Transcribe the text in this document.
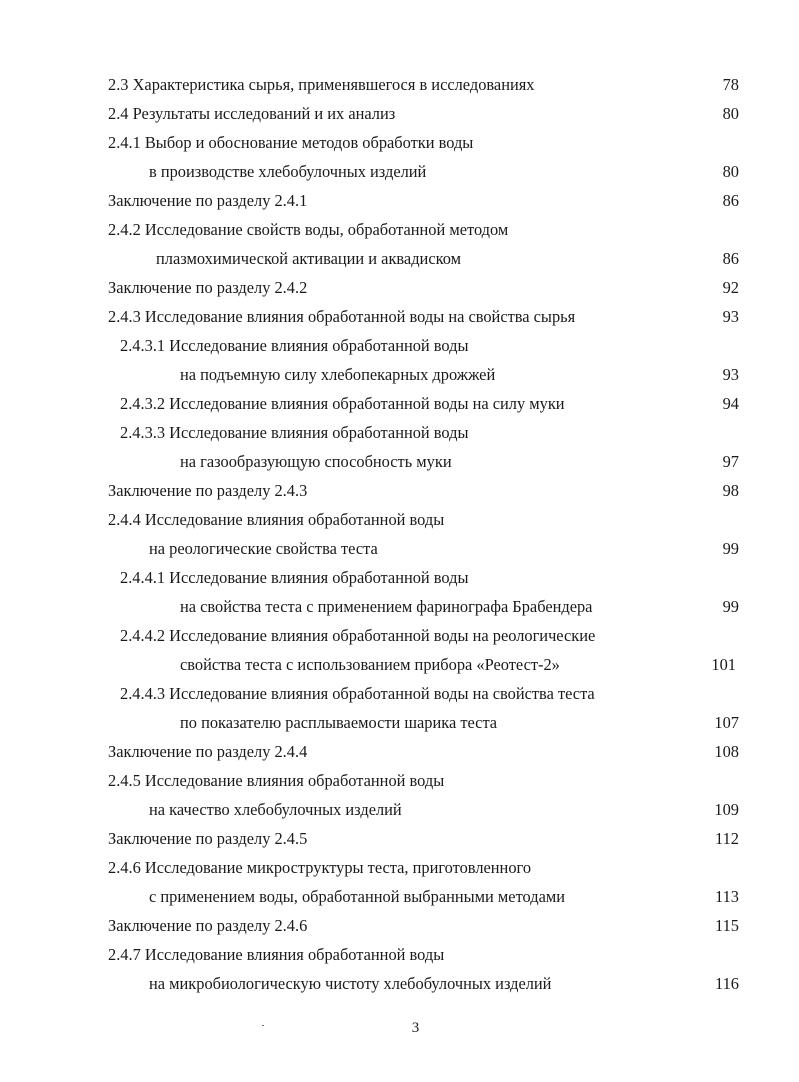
2.3 Характеристика сырья, применявшегося в исследованиях	78
2.4 Результаты исследований и их анализ	80
2.4.1 Выбор и обоснование методов обработки воды
в производстве хлебобулочных изделий	80
Заключение по разделу 2.4.1	86
2.4.2 Исследование свойств воды, обработанной методом
плазмохимической активации и аквадиском	86
Заключение по разделу 2.4.2	92
2.4.3 Исследование влияния обработанной воды на свойства сырья	93
2.4.3.1 Исследование влияния обработанной воды
на подъемную силу хлебопекарных дрожжей	93
2.4.3.2 Исследование влияния обработанной воды на силу муки	94
2.4.3.3 Исследование влияния обработанной воды
на газообразующую способность муки	97
Заключение по разделу 2.4.3	98
2.4.4 Исследование влияния обработанной воды
на реологические свойства теста	99
2.4.4.1 Исследование влияния обработанной воды
на свойства теста с применением фаринографа Брабендера	99
2.4.4.2 Исследование влияния обработанной воды на реологические
свойства теста с использованием прибора «Реотест-2»	101
2.4.4.3 Исследование влияния обработанной воды на свойства теста
по показателю расплываемости шарика теста	107
Заключение по разделу 2.4.4	108
2.4.5 Исследование влияния обработанной воды
на качество хлебобулочных изделий	109
Заключение по разделу 2.4.5	112
2.4.6 Исследование микроструктуры теста, приготовленного
с применением воды, обработанной выбранными методами	113
Заключение по разделу 2.4.6	115
2.4.7 Исследование влияния обработанной воды
на микробиологическую чистоту хлебобулочных изделий	116
3
